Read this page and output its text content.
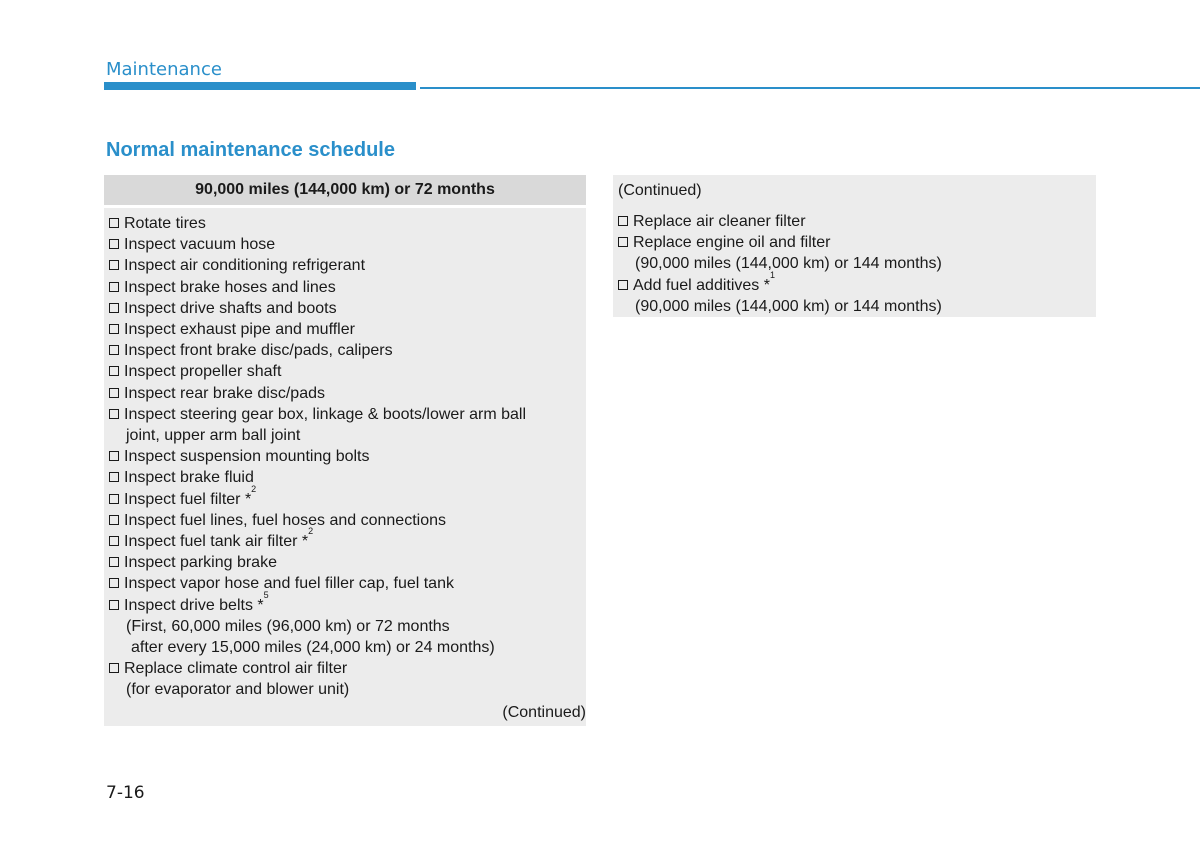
Maintenance
Normal maintenance schedule
90,000 miles (144,000 km) or 72 months
Rotate tires
Inspect vacuum hose
Inspect air conditioning refrigerant
Inspect brake hoses and lines
Inspect drive shafts and boots
Inspect exhaust pipe and muffler
Inspect front brake disc/pads, calipers
Inspect propeller shaft
Inspect rear brake disc/pads
Inspect steering gear box, linkage & boots/lower arm ball
joint, upper arm ball joint
Inspect suspension mounting bolts
Inspect brake fluid
Inspect fuel filter *
2
Inspect fuel lines, fuel hoses and connections
Inspect fuel tank air filter *
2
Inspect parking brake
Inspect vapor hose and fuel filler cap, fuel tank
Inspect drive belts *
5
(First, 60,000 miles (96,000 km) or 72 months
after every 15,000 miles (24,000 km) or 24 months)
Replace climate control air filter
(for evaporator and blower unit)
(Continued)
(Continued)
Replace air cleaner filter
Replace engine oil and filter
(90,000 miles (144,000 km) or 144 months)
Add fuel additives *
1
(90,000 miles (144,000 km) or 144 months)
7-16
